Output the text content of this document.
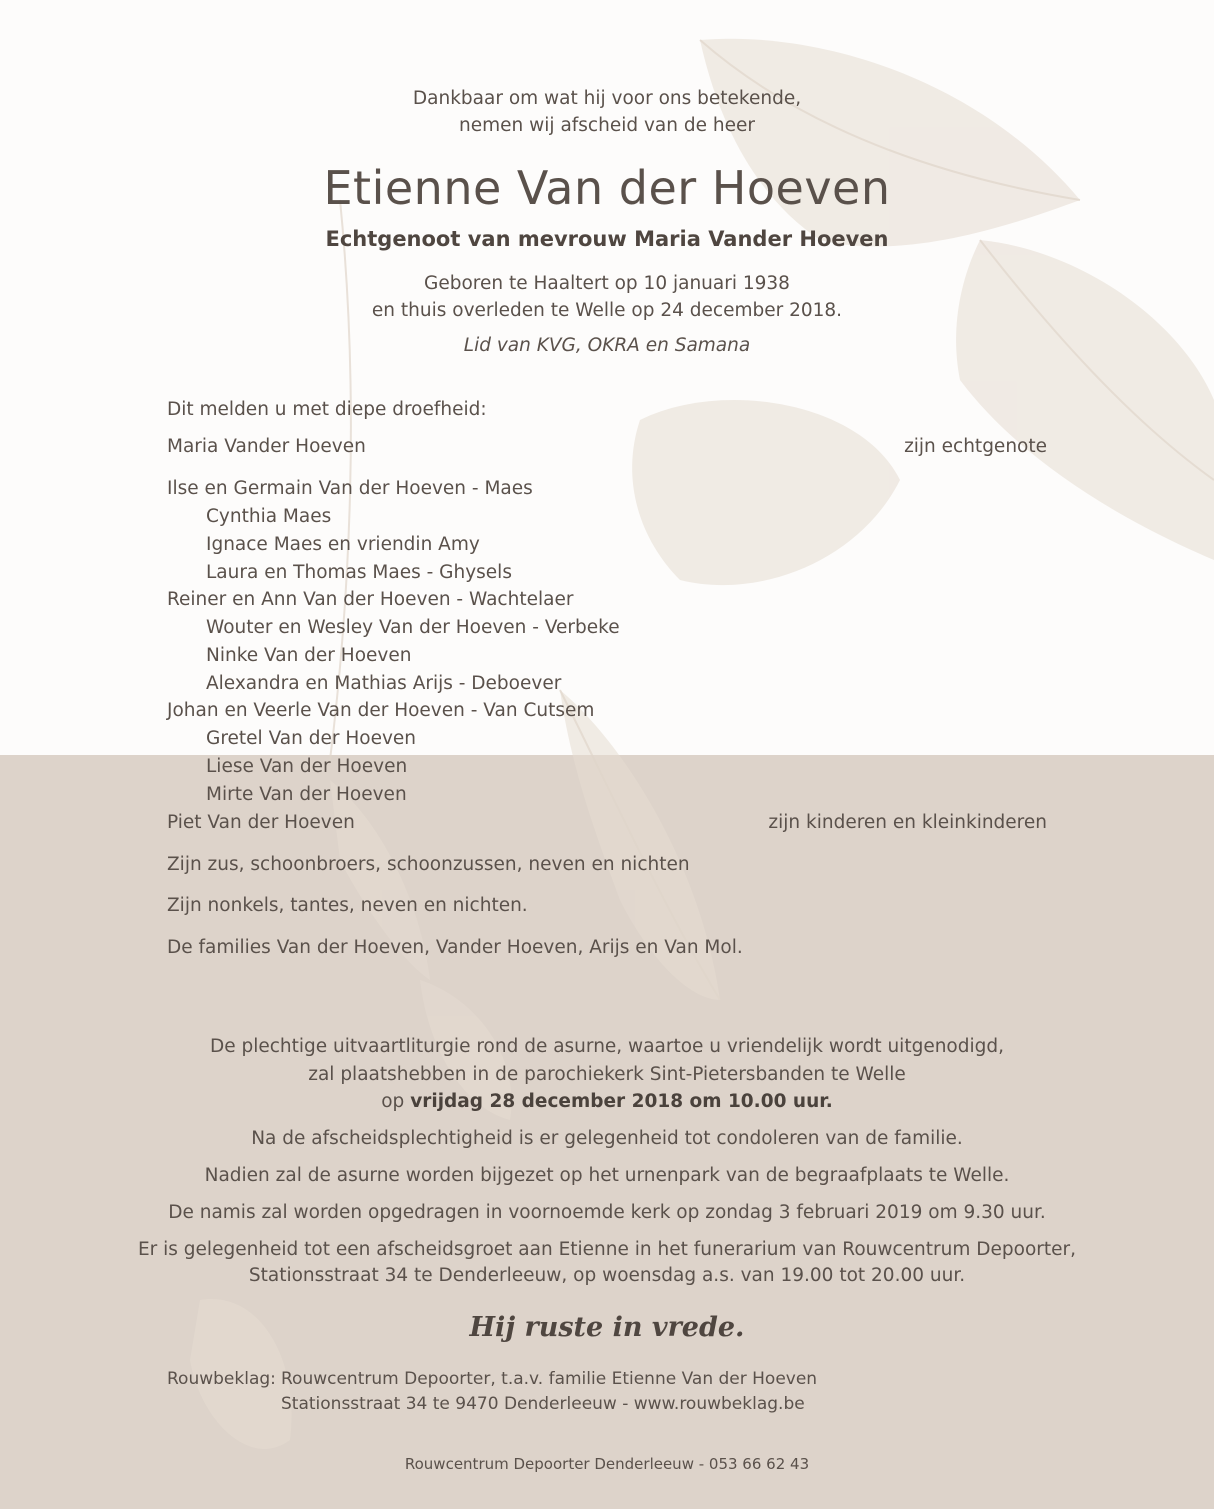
Dankbaar om wat hij voor ons betekende,
nemen wij afscheid van de heer
Etienne Van der Hoeven
Echtgenoot van mevrouw Maria Vander Hoeven
Geboren te Haaltert op 10 januari 1938
en thuis overleden te Welle op 24 december 2018.
Lid van KVG, OKRA en Samana
Dit melden u met diepe droefheid:
Maria Vander Hoeven	zijn echtgenote
Ilse en Germain Van der Hoeven - Maes
Cynthia Maes
Ignace Maes en vriendin Amy
Laura en Thomas Maes - Ghysels
Reiner en Ann Van der Hoeven - Wachtelaer
Wouter en Wesley Van der Hoeven - Verbeke
Ninke Van der Hoeven
Alexandra en Mathias Arijs - Deboever
Johan en Veerle Van der Hoeven - Van Cutsem
Gretel Van der Hoeven
Liese Van der Hoeven
Mirte Van der Hoeven
Piet Van der Hoeven	zijn kinderen en kleinkinderen
Zijn zus, schoonbroers, schoonzussen, neven en nichten
Zijn nonkels, tantes, neven en nichten.
De families Van der Hoeven, Vander Hoeven, Arijs en Van Mol.
De plechtige uitvaartliturgie rond de asurne, waartoe u vriendelijk wordt uitgenodigd,
zal plaatshebben in de parochiekerk Sint-Pietersbanden te Welle
op vrijdag 28 december 2018 om 10.00 uur.
Na de afscheidsplechtigheid is er gelegenheid tot condoleren van de familie.
Nadien zal de asurne worden bijgezet op het urnenpark van de begraafplaats te Welle.
De namis zal worden opgedragen in voornoemde kerk op zondag 3 februari 2019 om 9.30 uur.
Er is gelegenheid tot een afscheidsgroet aan Etienne in het funerarium van Rouwcentrum Depoorter,
Stationsstraat 34 te Denderleeuw, op woensdag a.s. van 19.00 tot 20.00 uur.
Hij ruste in vrede.
Rouwbeklag: Rouwcentrum Depoorter, t.a.v. familie Etienne Van der Hoeven
Stationsstraat 34 te 9470 Denderleeuw - www.rouwbeklag.be
Rouwcentrum Depoorter Denderleeuw - 053 66 62 43
